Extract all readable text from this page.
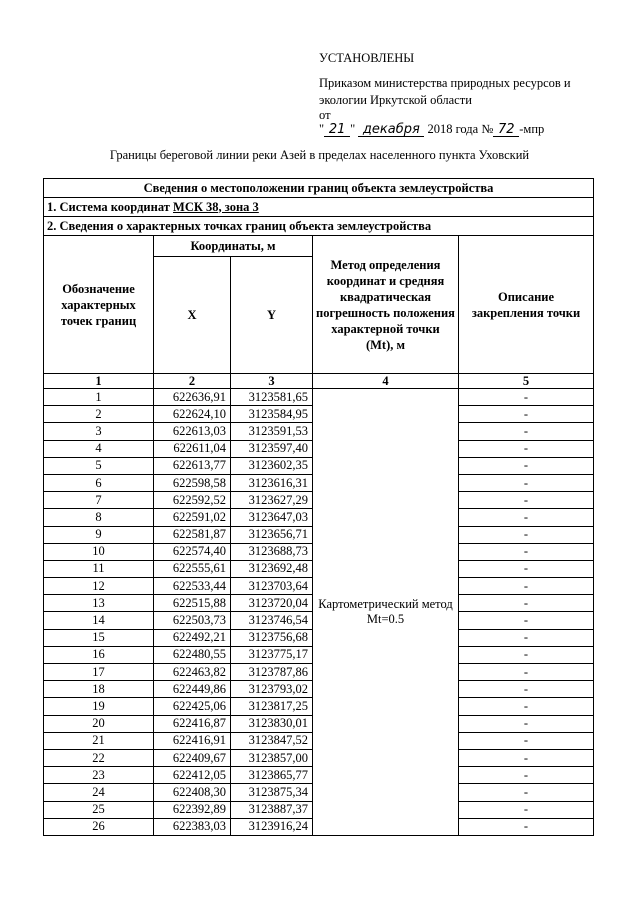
УСТАНОВЛЕНЫ
Приказом министерства природных ресурсов и
экологии Иркутской области
от
" 21 " декабря 2018 года № 72 -мпр
Границы береговой линии реки Азей в пределах населенного пункта Уховский
Сведения о местоположении границ объекта землеустройства				
1. Система координат МСК 38, зона 3				
2. Сведения о характерных точках границ объекта землеустройства				
Обозначение характерных точек границ	Координаты, м		Метод определения координат и средняя квадратическая погрешность положения характерной точки (Mt), м	Описание закрепления точки
	X	Y		
1	2	3	4	5
1	622636,91	3123581,65	Картометрический метод Mt=0.5	-
2	622624,10	3123584,95		-
3	622613,03	3123591,53		-
4	622611,04	3123597,40		-
5	622613,77	3123602,35		-
6	622598,58	3123616,31		-
7	622592,52	3123627,29		-
8	622591,02	3123647,03		-
9	622581,87	3123656,71		-
10	622574,40	3123688,73		-
11	622555,61	3123692,48		-
12	622533,44	3123703,64		-
13	622515,88	3123720,04		-
14	622503,73	3123746,54		-
15	622492,21	3123756,68		-
16	622480,55	3123775,17		-
17	622463,82	3123787,86		-
18	622449,86	3123793,02		-
19	622425,06	3123817,25		-
20	622416,87	3123830,01		-
21	622416,91	3123847,52		-
22	622409,67	3123857,00		-
23	622412,05	3123865,77		-
24	622408,30	3123875,34		-
25	622392,89	3123887,37		-
26	622383,03	3123916,24		-
